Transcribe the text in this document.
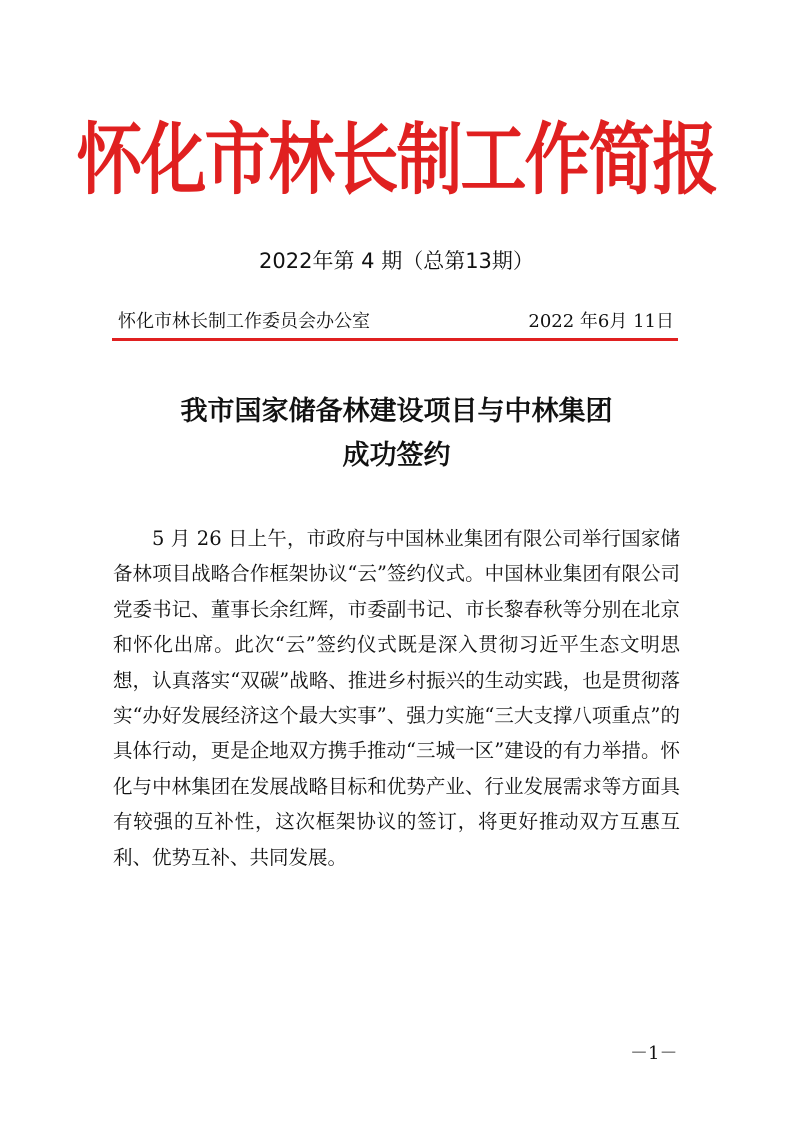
怀化市林长制工作简报
2022年第 4 期（总第13期）
怀化市林长制工作委员会办公室	2022 年6月 11日
我市国家储备林建设项目与中林集团
成功签约

5 月 26 日上午，市政府与中国林业集团有限公司举行国家储备林项目战略合作框架协议“云”签约仪式。中国林业集团有限公司党委书记、董事长余红辉，市委副书记、市长黎春秋等分别在北京和怀化出席。此次“云”签约仪式既是深入贯彻习近平生态文明思想，认真落实“双碳”战略、推进乡村振兴的生动实践，也是贯彻落实“办好发展经济这个最大实事”、强力实施“三大支撑八项重点”的具体行动，更是企地双方携手推动“三城一区”建设的有力举措。怀化与中林集团在发展战略目标和优势产业、行业发展需求等方面具有较强的互补性，这次框架协议的签订，将更好推动双方互惠互利、优势互补、共同发展。

－1－
